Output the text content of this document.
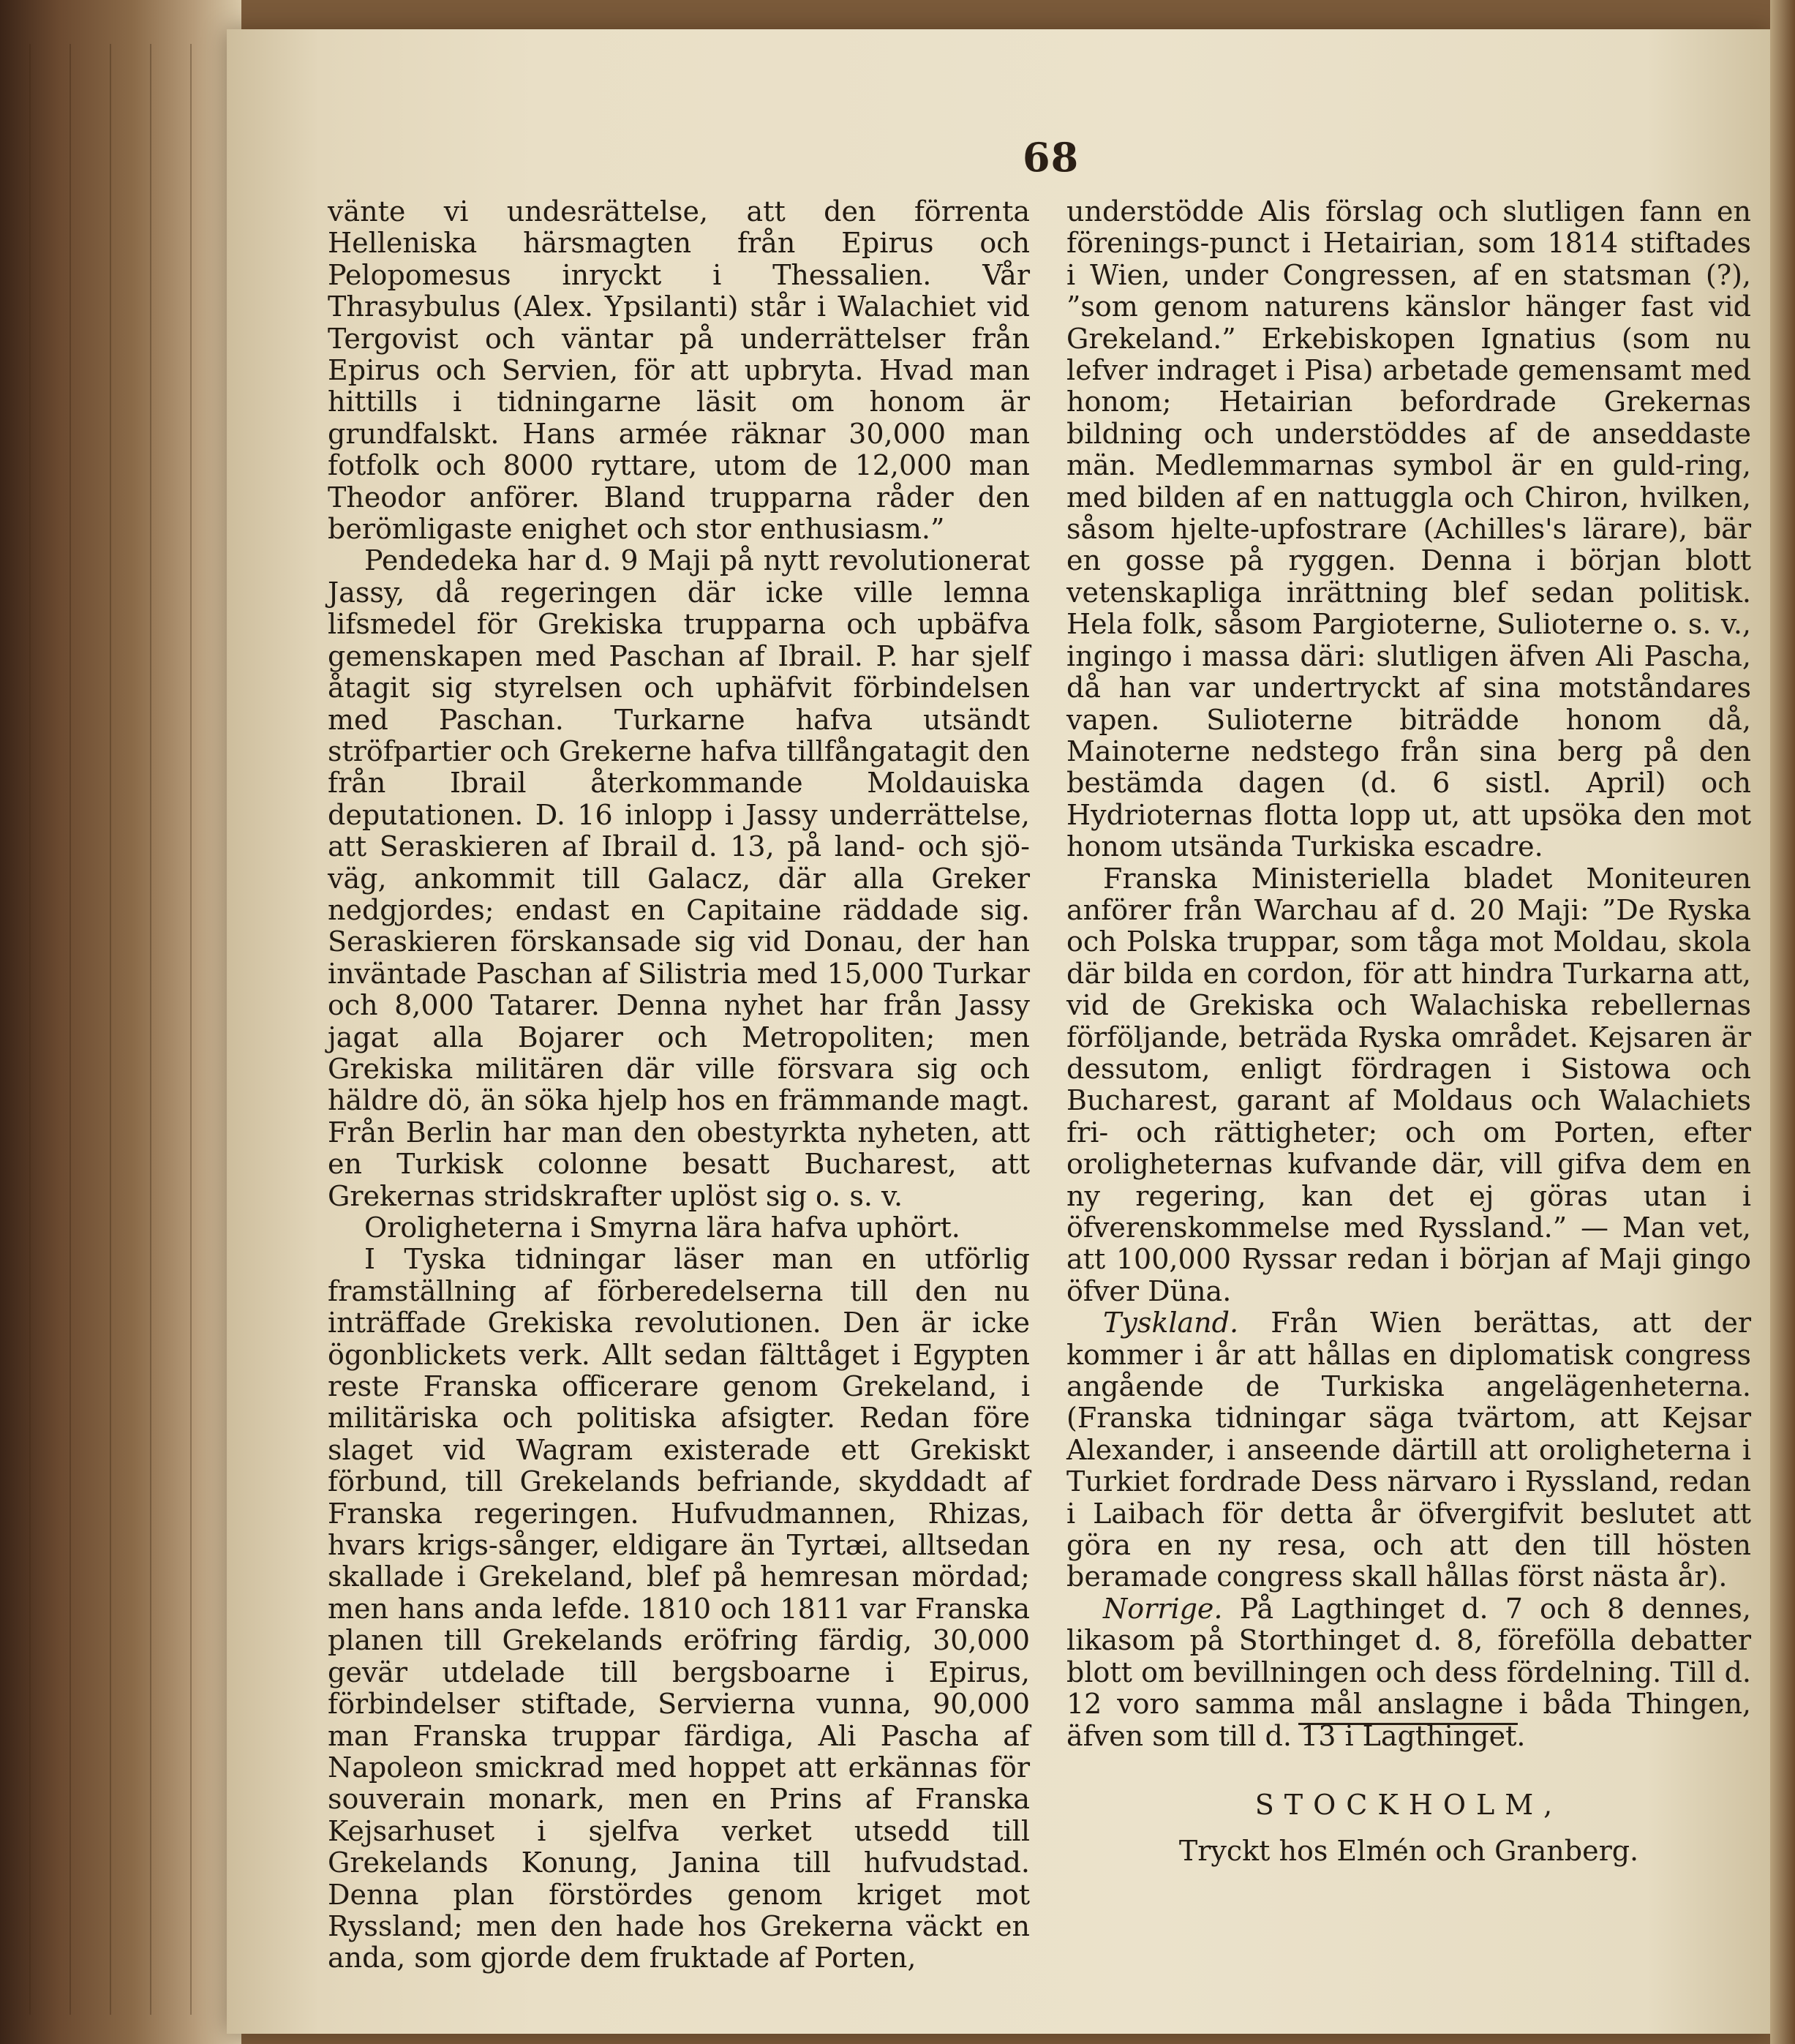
68

vänte vi undesrättelse, att den förrenta Helleniska härsmagten från Epirus och Pelopomesus inryckt i Thessalien. Vår Thrasybulus (Alex. Ypsilanti) står i Walachiet vid Tergovist och väntar på underrättelser från Epirus och Servien, för att upbryta. Hvad man hittills i tidningarne läsit om honom är grundfalskt. Hans armée räknar 30,000 man fotfolk och 8000 ryttare, utom de 12,000 man Theodor anförer. Bland trupparna råder den berömligaste enighet och stor enthusiasm.”

Pendedeka har d. 9 Maji på nytt revolutionerat Jassy, då regeringen där icke ville lemna lifsmedel för Grekiska trupparna och upbäfva gemenskapen med Paschan af Ibrail. P. har sjelf åtagit sig styrelsen och uphäfvit förbindelsen med Paschan. Turkarne hafva utsändt ströfpartier och Grekerne hafva tillfångatagit den från Ibrail återkommande Moldauiska deputationen. D. 16 inlopp i Jassy underrättelse, att Seraskieren af Ibrail d. 13, på land- och sjö-väg, ankommit till Galacz, där alla Greker nedgjordes; endast en Capitaine räddade sig. Seraskieren förskansade sig vid Donau, der han inväntade Paschan af Silistria med 15,000 Turkar och 8,000 Tatarer. Denna nyhet har från Jassy jagat alla Bojarer och Metropoliten; men Grekiska militären där ville försvara sig och häldre dö, än söka hjelp hos en främmande magt. Från Berlin har man den obestyrkta nyheten, att en Turkisk colonne besatt Bucharest, att Grekernas stridskrafter uplöst sig o. s. v.

Oroligheterna i Smyrna lära hafva uphört.

I Tyska tidningar läser man en utförlig framställning af förberedelserna till den nu inträffade Grekiska revolutionen. Den är icke ögonblickets verk. Allt sedan fälttåget i Egypten reste Franska officerare genom Grekeland, i militäriska och politiska afsigter. Redan före slaget vid Wagram existerade ett Grekiskt förbund, till Grekelands befriande, skyddadt af Franska regeringen. Hufvudmannen, Rhizas, hvars krigs-sånger, eldigare än Tyrtæi, alltsedan skallade i Grekeland, blef på hemresan mördad; men hans anda lefde. 1810 och 1811 var Franska planen till Grekelands eröfring färdig, 30,000 gevär utdelade till bergsboarne i Epirus, förbindelser stiftade, Servierna vunna, 90,000 man Franska truppar färdiga, Ali Pascha af Napoleon smickrad med hoppet att erkännas för souverain monark, men en Prins af Franska Kejsarhuset i sjelfva verket utsedd till Grekelands Konung, Janina till hufvudstad. Denna plan förstördes genom kriget mot Ryssland; men den hade hos Grekerna väckt en anda, som gjorde dem fruktade af Porten,

understödde Alis förslag och slutligen fann en förenings-punct i Hetairian, som 1814 stiftades i Wien, under Congressen, af en statsman (?), ”som genom naturens känslor hänger fast vid Grekeland.” Erkebiskopen Ignatius (som nu lefver indraget i Pisa) arbetade gemensamt med honom; Hetairian befordrade Grekernas bildning och understöddes af de anseddaste män. Medlemmarnas symbol är en guld-ring, med bilden af en nattuggla och Chiron, hvilken, såsom hjelte-upfostrare (Achilles's lärare), bär en gosse på ryggen. Denna i början blott vetenskapliga inrättning blef sedan politisk. Hela folk, såsom Pargioterne, Sulioterne o. s. v., ingingo i massa däri: slutligen äfven Ali Pascha, då han var undertryckt af sina motståndares vapen. Sulioterne biträdde honom då, Mainoterne nedstego från sina berg på den bestämda dagen (d. 6 sistl. April) och Hydrioternas flotta lopp ut, att upsöka den mot honom utsända Turkiska escadre.

Franska Ministeriella bladet Moniteuren anförer från Warchau af d. 20 Maji: ”De Ryska och Polska truppar, som tåga mot Moldau, skola där bilda en cordon, för att hindra Turkarna att, vid de Grekiska och Walachiska rebellernas förföljande, beträda Ryska området. Kejsaren är dessutom, enligt fördragen i Sistowa och Bucharest, garant af Moldaus och Walachiets fri- och rättigheter; och om Porten, efter oroligheternas kufvande där, vill gifva dem en ny regering, kan det ej göras utan i öfverenskommelse med Ryssland.” — Man vet, att 100,000 Ryssar redan i början af Maji gingo öfver Düna.

Tyskland. Från Wien berättas, att der kommer i år att hållas en diplomatisk congress angående de Turkiska angelägenheterna. (Franska tidningar säga tvärtom, att Kejsar Alexander, i anseende därtill att oroligheterna i Turkiet fordrade Dess närvaro i Ryssland, redan i Laibach för detta år öfvergifvit beslutet att göra en ny resa, och att den till hösten beramade congress skall hållas först nästa år).

Norrige. På Lagthinget d. 7 och 8 dennes, likasom på Storthinget d. 8, förefölla debatter blott om bevillningen och dess fördelning. Till d. 12 voro samma mål anslagne i båda Thingen, äfven som till d. 13 i Lagthinget.

STOCKHOLM,
Tryckt hos Elmén och Granberg.
